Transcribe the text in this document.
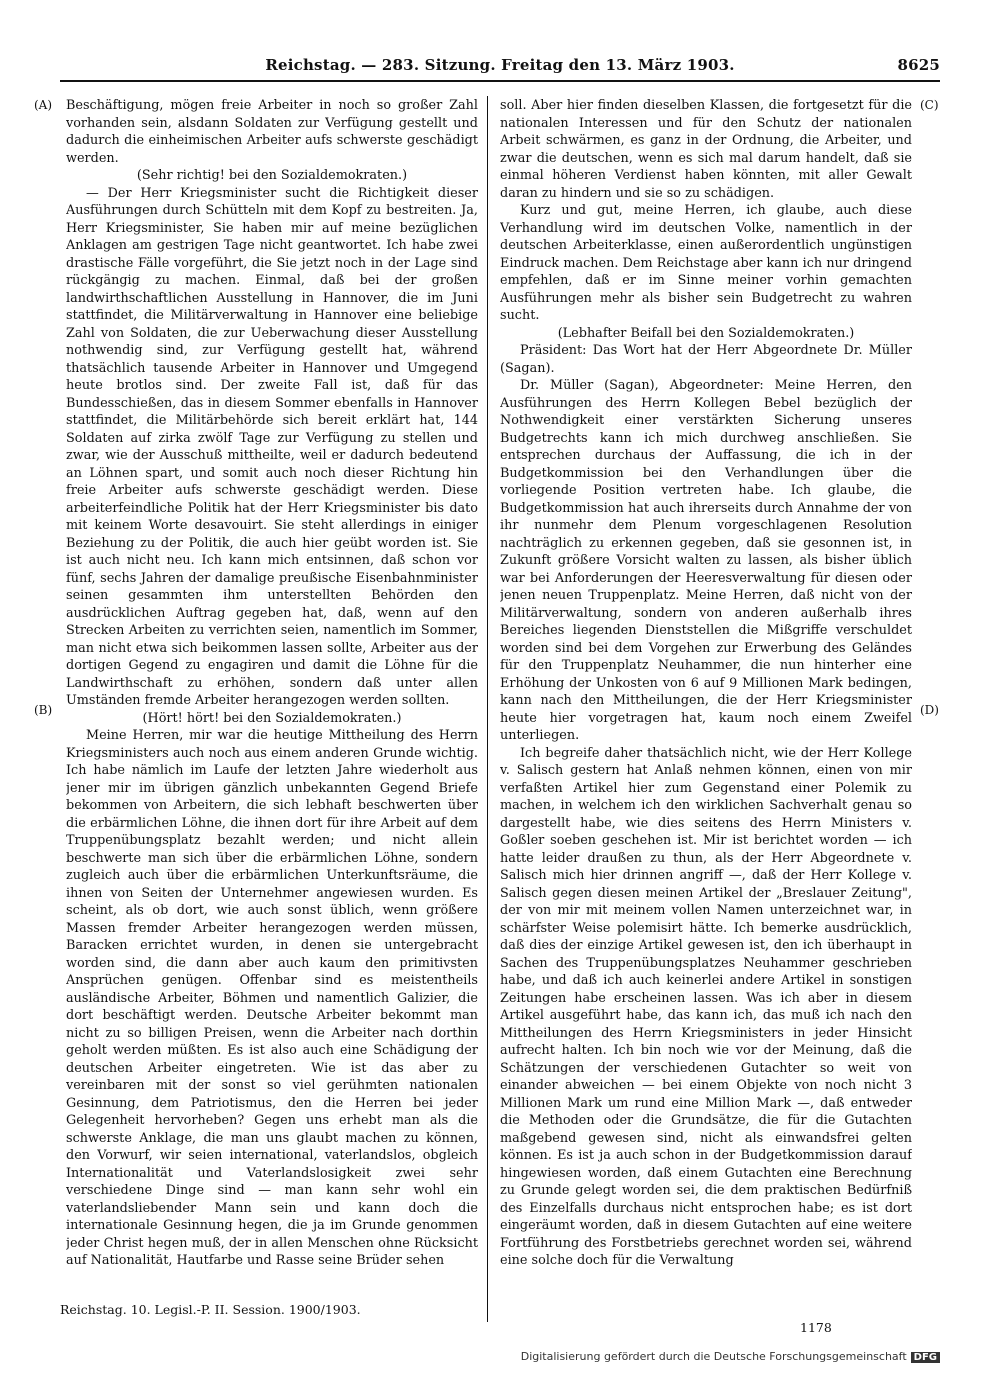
Reichstag. — 283. Sitzung. Freitag den 13. März 1903.	8625
(A)
(B)
(C)
(D)

Beschäftigung, mögen freie Arbeiter in noch so großer Zahl vorhanden sein, alsdann Soldaten zur Verfügung gestellt und dadurch die einheimischen Arbeiter aufs schwerste geschädigt werden.

(Sehr richtig! bei den Sozialdemokraten.)

— Der Herr Kriegsminister sucht die Richtigkeit dieser Ausführungen durch Schütteln mit dem Kopf zu bestreiten. Ja, Herr Kriegsminister, Sie haben mir auf meine bezüglichen Anklagen am gestrigen Tage nicht geantwortet. Ich habe zwei drastische Fälle vorgeführt, die Sie jetzt noch in der Lage sind rückgängig zu machen. Einmal, daß bei der großen landwirthschaftlichen Ausstellung in Hannover, die im Juni stattfindet, die Militärverwaltung in Hannover eine beliebige Zahl von Soldaten, die zur Ueberwachung dieser Ausstellung nothwendig sind, zur Verfügung gestellt hat, während thatsächlich tausende Arbeiter in Hannover und Umgegend heute brotlos sind. Der zweite Fall ist, daß für das Bundesschießen, das in diesem Sommer ebenfalls in Hannover stattfindet, die Militärbehörde sich bereit erklärt hat, 144 Soldaten auf zirka zwölf Tage zur Verfügung zu stellen und zwar, wie der Ausschuß mittheilte, weil er dadurch bedeutend an Löhnen spart, und somit auch noch dieser Richtung hin freie Arbeiter aufs schwerste geschädigt werden. Diese arbeiterfeindliche Politik hat der Herr Kriegsminister bis dato mit keinem Worte desavouirt. Sie steht allerdings in einiger Beziehung zu der Politik, die auch hier geübt worden ist. Sie ist auch nicht neu. Ich kann mich entsinnen, daß schon vor fünf, sechs Jahren der damalige preußische Eisenbahnminister seinen gesammten ihm unterstellten Behörden den ausdrücklichen Auftrag gegeben hat, daß, wenn auf den Strecken Arbeiten zu verrichten seien, namentlich im Sommer, man nicht etwa sich beikommen lassen sollte, Arbeiter aus der dortigen Gegend zu engagiren und damit die Löhne für die Landwirthschaft zu erhöhen, sondern daß unter allen Umständen fremde Arbeiter herangezogen werden sollten.

(Hört! hört! bei den Sozialdemokraten.)

Meine Herren, mir war die heutige Mittheilung des Herrn Kriegsministers auch noch aus einem anderen Grunde wichtig. Ich habe nämlich im Laufe der letzten Jahre wiederholt aus jener mir im übrigen gänzlich unbekannten Gegend Briefe bekommen von Arbeitern, die sich lebhaft beschwerten über die erbärmlichen Löhne, die ihnen dort für ihre Arbeit auf dem Truppenübungsplatz bezahlt werden; und nicht allein beschwerte man sich über die erbärmlichen Löhne, sondern zugleich auch über die erbärmlichen Unterkunftsräume, die ihnen von Seiten der Unternehmer angewiesen wurden. Es scheint, als ob dort, wie auch sonst üblich, wenn größere Massen fremder Arbeiter herangezogen werden müssen, Baracken errichtet wurden, in denen sie untergebracht worden sind, die dann aber auch kaum den primitivsten Ansprüchen genügen. Offenbar sind es meistentheils ausländische Arbeiter, Böhmen und namentlich Galizier, die dort beschäftigt werden. Deutsche Arbeiter bekommt man nicht zu so billigen Preisen, wenn die Arbeiter nach dorthin geholt werden müßten. Es ist also auch eine Schädigung der deutschen Arbeiter eingetreten. Wie ist das aber zu vereinbaren mit der sonst so viel gerühmten nationalen Gesinnung, dem Patriotismus, den die Herren bei jeder Gelegenheit hervorheben? Gegen uns erhebt man als die schwerste Anklage, die man uns glaubt machen zu können, den Vorwurf, wir seien international, vaterlandslos, obgleich Internationalität und Vaterlandslosigkeit zwei sehr verschiedene Dinge sind — man kann sehr wohl ein vaterlandsliebender Mann sein und kann doch die internationale Gesinnung hegen, die ja im Grunde genommen jeder Christ hegen muß, der in allen Menschen ohne Rücksicht auf Nationalität, Hautfarbe und Rasse seine Brüder sehen

soll. Aber hier finden dieselben Klassen, die fortgesetzt für die nationalen Interessen und für den Schutz der nationalen Arbeit schwärmen, es ganz in der Ordnung, die Arbeiter, und zwar die deutschen, wenn es sich mal darum handelt, daß sie einmal höheren Verdienst haben könnten, mit aller Gewalt daran zu hindern und sie so zu schädigen.

Kurz und gut, meine Herren, ich glaube, auch diese Verhandlung wird im deutschen Volke, namentlich in der deutschen Arbeiterklasse, einen außerordentlich ungünstigen Eindruck machen. Dem Reichstage aber kann ich nur dringend empfehlen, daß er im Sinne meiner vorhin gemachten Ausführungen mehr als bisher sein Budgetrecht zu wahren sucht.

(Lebhafter Beifall bei den Sozialdemokraten.)

Präsident: Das Wort hat der Herr Abgeordnete Dr. Müller (Sagan).

Dr. Müller (Sagan), Abgeordneter: Meine Herren, den Ausführungen des Herrn Kollegen Bebel bezüglich der Nothwendigkeit einer verstärkten Sicherung unseres Budgetrechts kann ich mich durchweg anschließen. Sie entsprechen durchaus der Auffassung, die ich in der Budgetkommission bei den Verhandlungen über die vorliegende Position vertreten habe. Ich glaube, die Budgetkommission hat auch ihrerseits durch Annahme der von ihr nunmehr dem Plenum vorgeschlagenen Resolution nachträglich zu erkennen gegeben, daß sie gesonnen ist, in Zukunft größere Vorsicht walten zu lassen, als bisher üblich war bei Anforderungen der Heeresverwaltung für diesen oder jenen neuen Truppenplatz. Meine Herren, daß nicht von der Militärverwaltung, sondern von anderen außerhalb ihres Bereiches liegenden Dienststellen die Mißgriffe verschuldet worden sind bei dem Vorgehen zur Erwerbung des Geländes für den Truppenplatz Neuhammer, die nun hinterher eine Erhöhung der Unkosten von 6 auf 9 Millionen Mark bedingen, kann nach den Mittheilungen, die der Herr Kriegsminister heute hier vorgetragen hat, kaum noch einem Zweifel unterliegen.

Ich begreife daher thatsächlich nicht, wie der Herr Kollege v. Salisch gestern hat Anlaß nehmen können, einen von mir verfaßten Artikel hier zum Gegenstand einer Polemik zu machen, in welchem ich den wirklichen Sachverhalt genau so dargestellt habe, wie dies seitens des Herrn Ministers v. Goßler soeben geschehen ist. Mir ist berichtet worden — ich hatte leider draußen zu thun, als der Herr Abgeordnete v. Salisch mich hier drinnen angriff —, daß der Herr Kollege v. Salisch gegen diesen meinen Artikel der „Breslauer Zeitung", der von mir mit meinem vollen Namen unterzeichnet war, in schärfster Weise polemisirt hätte. Ich bemerke ausdrücklich, daß dies der einzige Artikel gewesen ist, den ich überhaupt in Sachen des Truppenübungsplatzes Neuhammer geschrieben habe, und daß ich auch keinerlei andere Artikel in sonstigen Zeitungen habe erscheinen lassen. Was ich aber in diesem Artikel ausgeführt habe, das kann ich, das muß ich nach den Mittheilungen des Herrn Kriegsministers in jeder Hinsicht aufrecht halten. Ich bin noch wie vor der Meinung, daß die Schätzungen der verschiedenen Gutachter so weit von einander abweichen — bei einem Objekte von noch nicht 3 Millionen Mark um rund eine Million Mark —, daß entweder die Methoden oder die Grundsätze, die für die Gutachten maßgebend gewesen sind, nicht als einwandsfrei gelten können. Es ist ja auch schon in der Budgetkommission darauf hingewiesen worden, daß einem Gutachten eine Berechnung zu Grunde gelegt worden sei, die dem praktischen Bedürfniß des Einzelfalls durchaus nicht entsprochen habe; es ist dort eingeräumt worden, daß in diesem Gutachten auf eine weitere Fortführung des Forstbetriebs gerechnet worden sei, während eine solche doch für die Verwaltung

Reichstag. 10. Legisl.-P. II. Session. 1900/1903.
1178
Digitalisierung gefördert durch die Deutsche Forschungsgemeinschaft DFG
